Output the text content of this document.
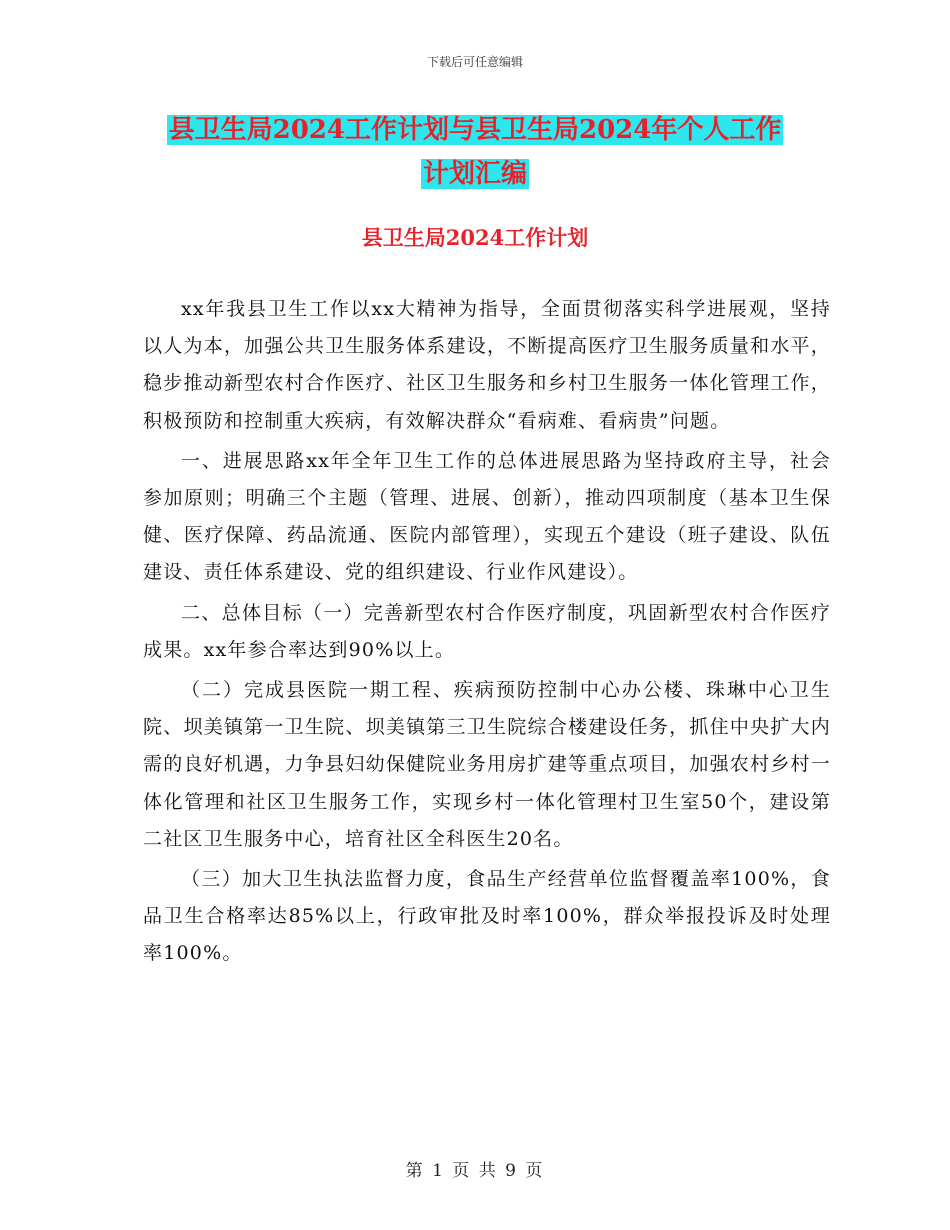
下载后可任意编辑
县卫生局2024工作计划与县卫生局2024年个人工作
计划汇编
县卫生局2024工作计划

xx年我县卫生工作以xx大精神为指导，全面贯彻落实科学进展观，坚持以人为本，加强公共卫生服务体系建设，不断提高医疗卫生服务质量和水平，稳步推动新型农村合作医疗、社区卫生服务和乡村卫生服务一体化管理工作，积极预防和控制重大疾病，有效解决群众“看病难、看病贵”问题。

一、进展思路xx年全年卫生工作的总体进展思路为坚持政府主导，社会参加原则；明确三个主题（管理、进展、创新），推动四项制度（基本卫生保健、医疗保障、药品流通、医院内部管理），实现五个建设（班子建设、队伍建设、责任体系建设、党的组织建设、行业作风建设）。

二、总体目标（一）完善新型农村合作医疗制度，巩固新型农村合作医疗成果。xx年参合率达到90%以上。

（二）完成县医院一期工程、疾病预防控制中心办公楼、珠琳中心卫生院、坝美镇第一卫生院、坝美镇第三卫生院综合楼建设任务，抓住中央扩大内需的良好机遇，力争县妇幼保健院业务用房扩建等重点项目，加强农村乡村一体化管理和社区卫生服务工作，实现乡村一体化管理村卫生室50个，建设第二社区卫生服务中心，培育社区全科医生20名。

（三）加大卫生执法监督力度，食品生产经营单位监督覆盖率100%，食品卫生合格率达85%以上，行政审批及时率100%，群众举报投诉及时处理率100%。

第 1 页 共 9 页
